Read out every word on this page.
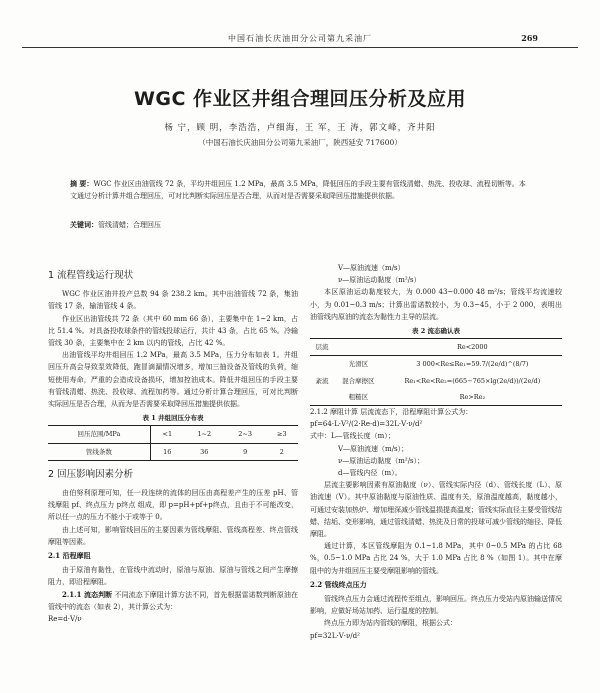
中国石油长庆油田分公司第九采油厂	269
WGC 作业区井组合理回压分析及应用
杨 宁，顾 明，李浩浩，卢细海，王 军，王 涛，郭文峰，齐井阳
（中国石油长庆油田分公司第九采油厂，陕西延安 717600）
摘 要：WGC 作业区由油管线 72 条，平均井组回压 1.2 MPa，最高 3.5 MPa，降低回压的手段主要有管线清蜡、热洗、投收球、流程切断等。本文通过分析计算井组合理回压，可对比判断实际回压是否合理，从而对是否需要采取降回压措施提供依据。
关键词：管线清蜡；合理回压
1 流程管线运行现状

WGC 作业区油井投产总数 94 条 238.2 km。其中出油管线 72 条，集油管线 17 条，输油管线 4 条。

作业区出油管线共 72 条（其中 60 mm 66 条），主要集中在 1~2 km，占比 51.4 %。对具备投收球条件的管线投球运行，共计 43 条，占比 65 %。冷输管线 30 条，主要集中在 2 km 以内的管线，占比 42 %。

出油管线平均井组回压 1.2 MPa，最高 3.5 MPa，压力分布如表 1。井组回压升高会导致泵效降低，跑冒滴漏情况增多，增加三抽设备及管线的负荷，缩短使用寿命，严重的会造成设备损坏，增加控油成本。降低井组回压的手段主要有管线清蜡、热洗、投收球、流程加药等。通过分析计算合理回压，可对比判断实际回压是否合理，从而为是否需要采取降回压措施提供依据。

表 1 井组回压分布表
回压范围/MPa	<1	1~2	2~3	≥3
管线条数	16	36	9	2
2 回压影响因素分析

由伯努利原理可知，任一段连续的流体的回压由高程差产生的压差 pH、管线摩阻 pf、终点压力 p终点 组成，即 p=pH+pf+p终点，且由于不可能改变，所以任一点的压力不能小于或等于 0。

由上述可知，影响管线回压的主要因素为管线摩阻、管线高程差、终点管线摩阻等因素。

2.1 沿程摩阻

由于原油有黏性，在管线中流动时，原油与原油、原油与管线之间产生摩擦阻力，即沿程摩阻。

2.1.1 流态判断 不同流态下摩阻计算方法不同，首先根据雷诺数判断原油在管线中的流态（如表 2），其计算公式为：

Re=d·V/ν

V—原油流速（m/s）

ν—原油运动黏度（m²/s）

本区原油运动黏度较大，为 0.000 43~0.000 48 m²/s；管线平均流速较小，为 0.01~0.3 m/s；计算出雷诺数较小，为 0.3~45，小于 2 000，表明出油管线内原油的流态为黏性力主导的层流。

表 2 流态确认表
层流		Re<2000
	光滑区	3 000<Re≤Re₁=59.7/(2e/d)^(8/7)
紊流	混合摩擦区	Re₁<Re<Re₂=(665−765×lg(2e/d))/(2e/d)
	粗糙区	Re>Re₂

2.1.2 摩阻计算 层流流态下，沿程摩阻计算公式为：

pf=64·L·V²/(2·Re·d)=32L·V·ν/d²

式中：L—管线长度（m）；

V—原油流速（m/s）；

ν—原油运动黏度（m²/s）；

d—管线内径（m）。

层流主要影响因素有原油黏度（ν）、管线实际内径（d）、管线长度（L）、原油流速（V）。其中原油黏度与原油性质、温度有关，原油温度越高，黏度越小，可通过安装加热炉、增加埋深减少管线温损提高温度；管线实际直径主要受管线结蜡、结垢、变形影响，通过管线清蜡、热洗及日常的投球可减少管线的缩径、降低摩阻。

通过计算，本区管线摩阻为 0.1~1.8 MPa，其中 0~0.5 MPa 的占比 68 %，0.5~1.0 MPa 占比 24 %，大于 1.0 MPa 占比 8 %（如图 1）。其中在摩阻中的为井组回压主要受摩阻影响的管线。

2.2 管线终点压力

管线终点压力会通过流程传至组点，影响回压。终点压力受站内原油输送情况影响，应做好场站加药、运行温度的控制。

终点压力即为站内管线的摩阻，根据公式：

pf=32L·V·ν/d²
